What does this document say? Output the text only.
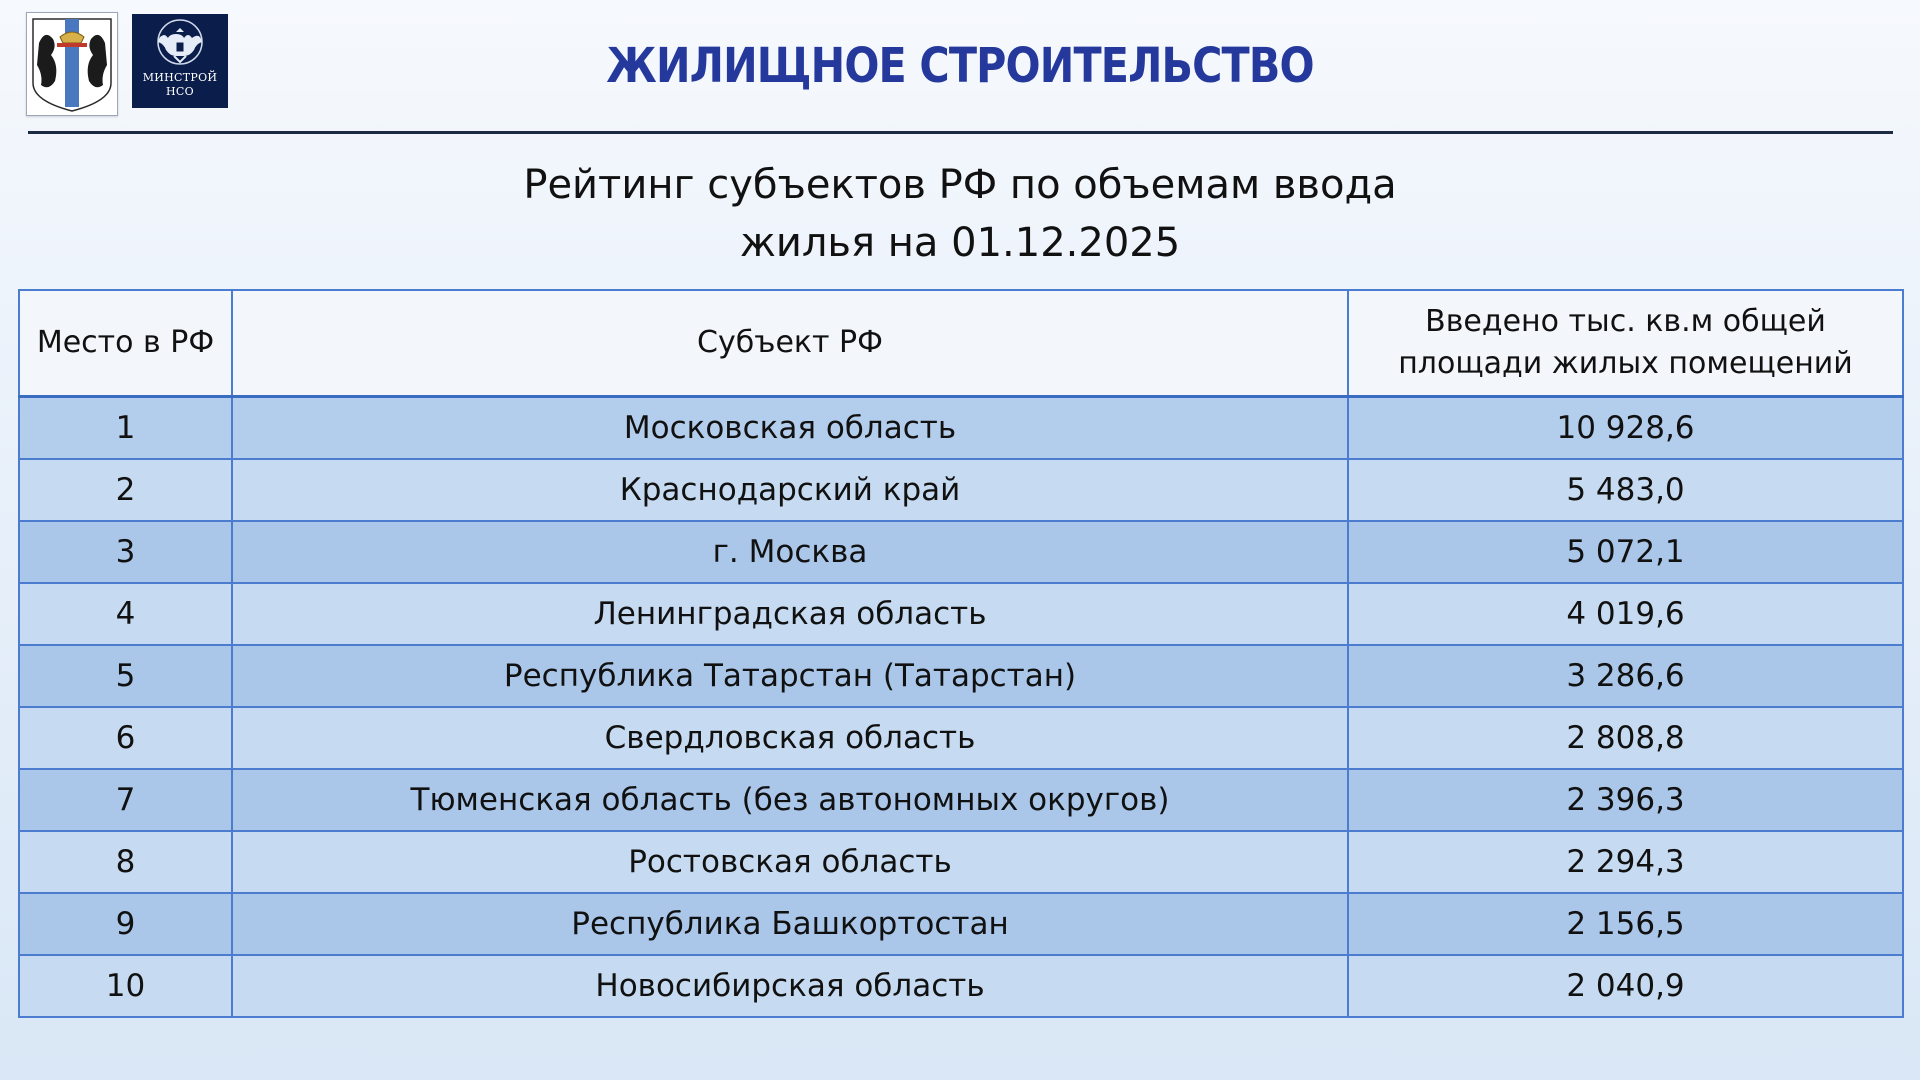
МИНСТРОЙ
НСО	ЖИЛИЩНОЕ СТРОИТЕЛЬСТВО
Рейтинг субъектов РФ по объемам ввода
жилья на 01.12.2025
Место в РФ	Субъект РФ	Введено тыс. кв.м общей площади жилых помещений
1	Московская область	10 928,6
2	Краснодарский край	5 483,0
3	г. Москва	5 072,1
4	Ленинградская область	4 019,6
5	Республика Татарстан (Татарстан)	3 286,6
6	Свердловская область	2 808,8
7	Тюменская область (без автономных округов)	2 396,3
8	Ростовская область	2 294,3
9	Республика Башкортостан	2 156,5
10	Новосибирская область	2 040,9
